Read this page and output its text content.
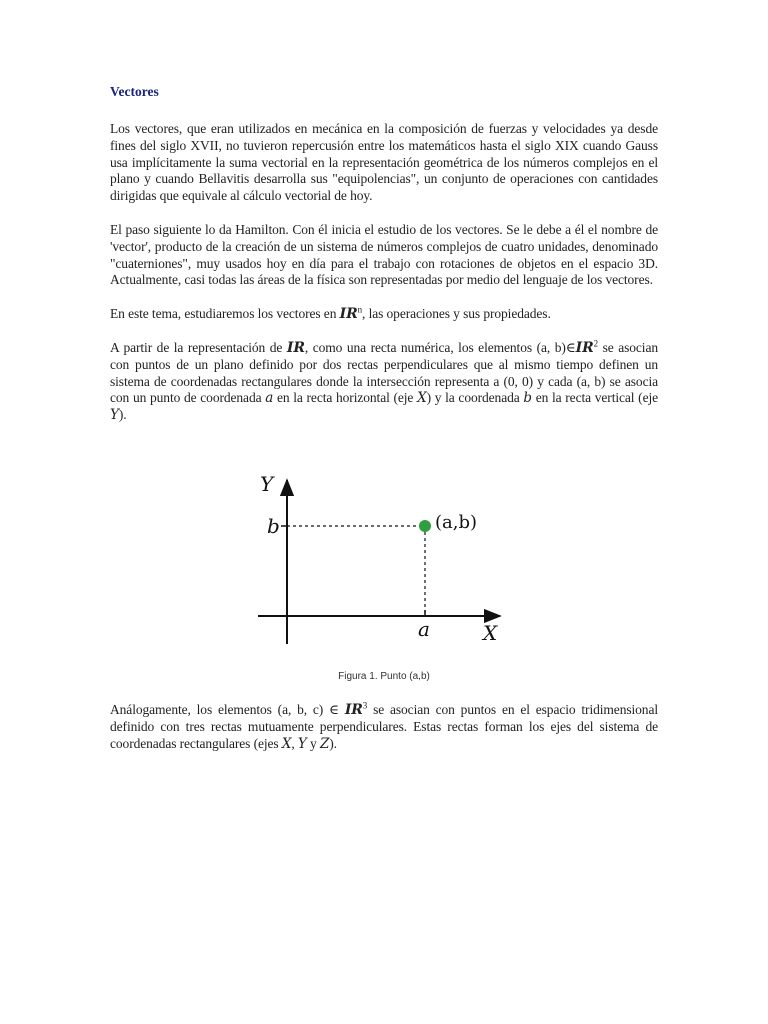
Vectores

Los vectores, que eran utilizados en mecánica en la composición de fuerzas y velocidades ya desde fines del siglo XVII, no tuvieron repercusión entre los matemáticos hasta el siglo XIX cuando Gauss usa implícitamente la suma vectorial en la representación geométrica de los números complejos en el plano y cuando Bellavitis desarrolla sus "equipolencias", un conjunto de operaciones con cantidades dirigidas que equivale al cálculo vectorial de hoy.

El paso siguiente lo da Hamilton. Con él inicia el estudio de los vectores. Se le debe a él el nombre de 'vector', producto de la creación de un sistema de números complejos de cuatro unidades, denominado "cuaterniones", muy usados hoy en día para el trabajo con rotaciones de objetos en el espacio 3D. Actualmente, casi todas las áreas de la física son representadas por medio del lenguaje de los vectores.

En este tema, estudiaremos los vectores en $IR^n$, las operaciones y sus propiedades.

A partir de la representación de IR, como una recta numérica, los elementos (a, $b)\in IR^2$ se asocian con puntos de un plano definido por dos rectas perpendiculares que al mismo tiempo definen un sistema de coordenadas rectangulares donde la intersección representa a (0, 0) y cada (a, b) se asocia con un punto de coordenada a en la recta horizontal (eje X) y la coordenada b en la recta vertical (eje Y).

Y
X
b
a
(a,b)
Figura 1. Punto (a,b)

Análogamente, los elementos (a, b, c) ∈ $IR^3$ se asocian con puntos en el espacio tridimensional definido con tres rectas mutuamente perpendiculares. Estas rectas forman los ejes del sistema de coordenadas rectangulares (ejes X, Y y Z).
